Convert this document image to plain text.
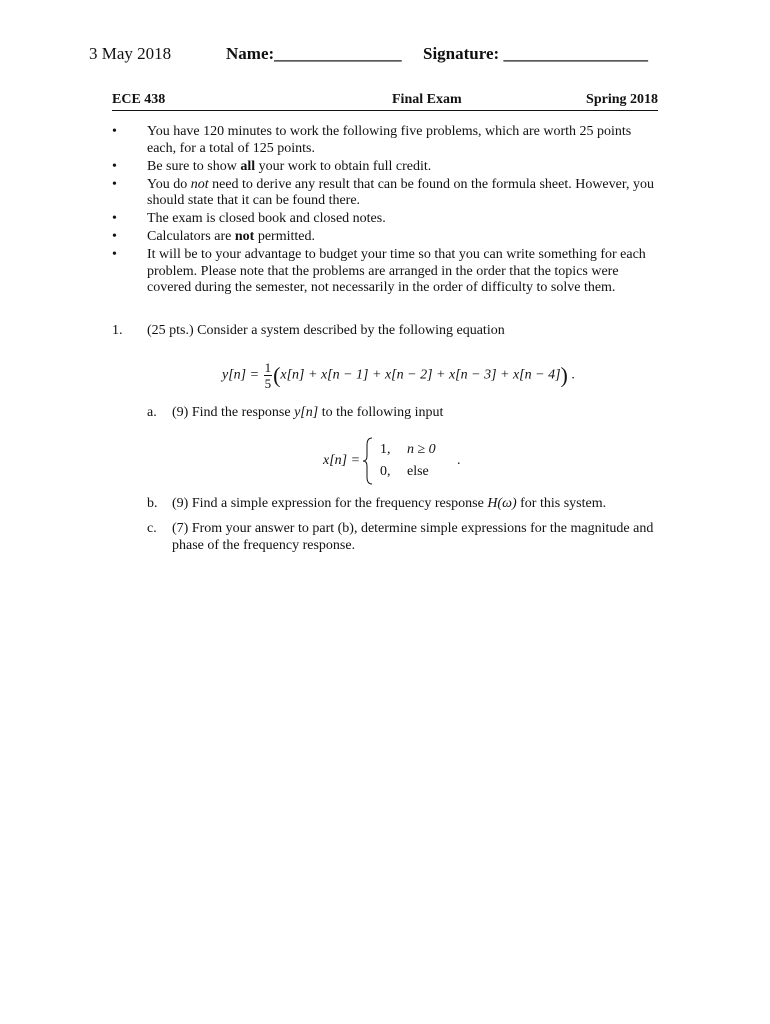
3 May 2018	Name:_______________ Signature: _________________
ECE 438	Final Exam	Spring 2018
• You have 120 minutes to work the following five problems, which are worth 25 points each, for a total of 125 points.
• Be sure to show all your work to obtain full credit.
• You do not need to derive any result that can be found on the formula sheet. However, you should state that it can be found there.
• The exam is closed book and closed notes.
• Calculators are not permitted.
• It will be to your advantage to budget your time so that you can write something for each problem. Please note that the problems are arranged in the order that the topics were covered during the semester, not necessarily in the order of difficulty to solve them.
1. (25 pts.) Consider a system described by the following equation
$y[n] = \frac{1}{5} (x[n] + x[n - 1] + x[n - 2] + x[n - 3] + x[n - 4])$ .
a. (9) Find the response y[n] to the following input
x[n] =
1, n ≥ 0
0, else
.
b. (9) Find a simple expression for the frequency response H(ω) for this system.
c. (7) From your answer to part (b), determine simple expressions for the magnitude and phase of the frequency response.
